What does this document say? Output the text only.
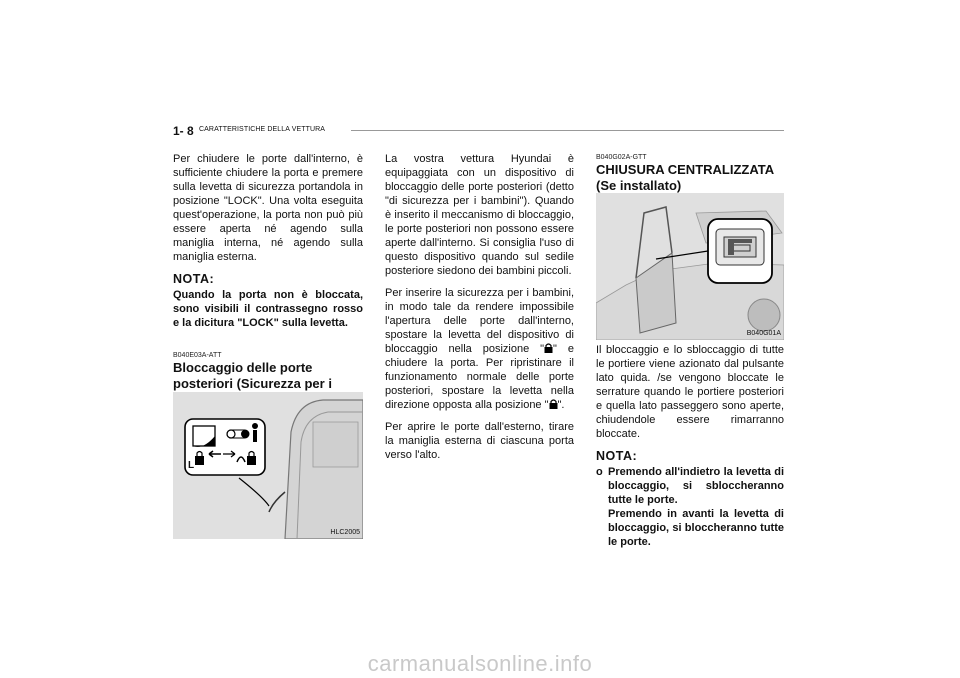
1- 8 CARATTERISTICHE DELLA VETTURA

Per chiudere le porte dall'interno, è sufficiente chiudere la porta e premere sulla levetta di sicurezza portandola in posizione "LOCK". Una volta eseguita quest'operazione, la porta non può più essere aperta né agendo sulla maniglia interna, né agendo sulla maniglia esterna.

NOTA:

Quando la porta non è bloccata, sono visibili il contrassegno rosso e la dicitura "LOCK" sulla levetta.

B040E03A-ATT
Bloccaggio delle porte posteriori (Sicurezza per i
L
HLC2005

La vostra vettura Hyundai è equipaggiata con un dispositivo di bloccaggio delle porte posteriori (detto "di sicurezza per i bambini"). Quando è inserito il meccanismo di bloccaggio, le porte posteriori non possono essere aperte dall'interno. Si consiglia l'uso di questo dispositivo quando sul sedile posteriore siedono dei bambini piccoli.

Per inserire la sicurezza per i bambini, in modo tale da rendere impossibile l'apertura delle porte dall'interno, spostare la levetta del dispositivo di bloccaggio nella posizione " " e chiudere la porta. Per ripristinare il funzionamento normale delle porte posteriori, spostare la levetta nella direzione opposta alla posizione " ".

Per aprire le porte dall'esterno, tirare la maniglia esterna di ciascuna porta verso l'alto.

B040G02A-GTT
CHIUSURA CENTRALIZZATA (Se installato)
B040G01A

Il bloccaggio e lo sbloccaggio di tutte le portiere viene azionato dal pulsante lato quida. /se vengono bloccate le serrature quando le portiere posteriori e quella lato passeggero sono aperte, chiudendole essere rimarranno bloccate.

NOTA:
o Premendo all'indietro la levetta di bloccaggio, si sbloccheranno tutte le porte.
Premendo in avanti la levetta di bloccaggio, si bloccheranno tutte le porte.
carmanualsonline.info
